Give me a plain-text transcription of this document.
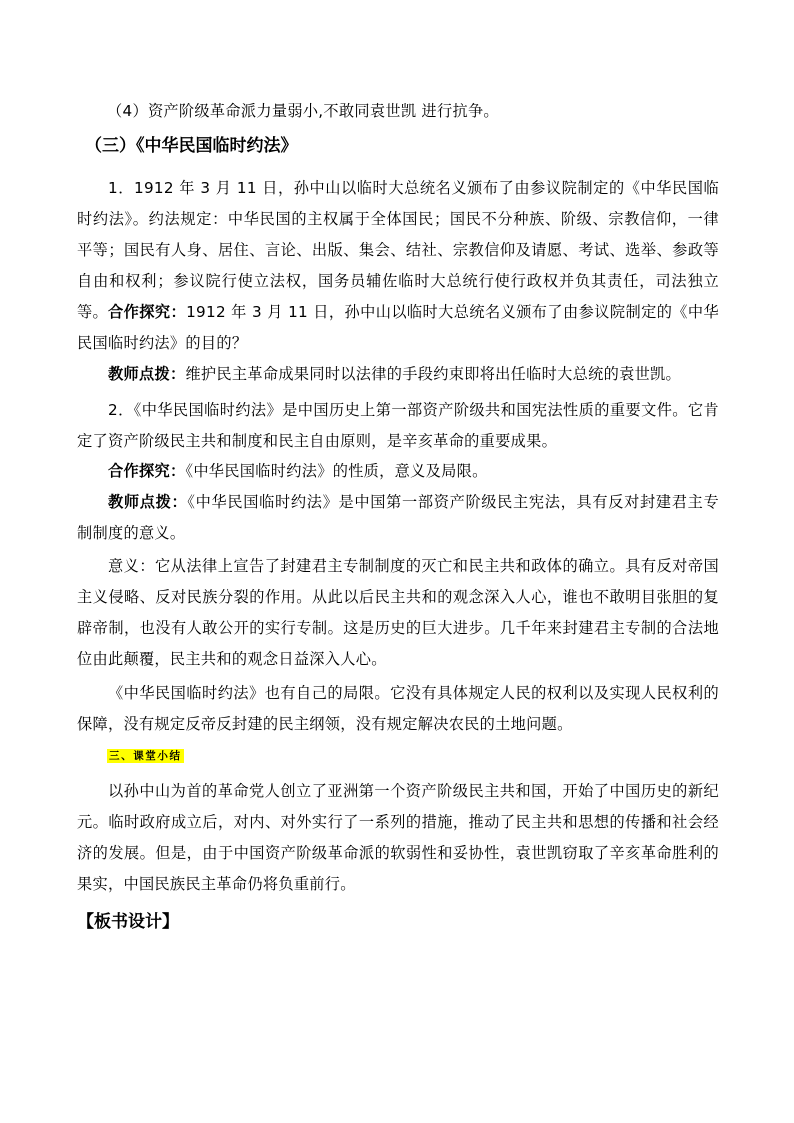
（4）资产阶级革命派力量弱小,不敢同袁世凯 进行抗争。
（三）《中华民国临时约法》
1．1912 年 3 月 11 日，孙中山以临时大总统名义颁布了由参议院制定的《中华民国临时约法》。约法规定：中华民国的主权属于全体国民；国民不分种族、阶级、宗教信仰，一律平等；国民有人身、居住、言论、出版、集会、结社、宗教信仰及请愿、考试、选举、参政等自由和权利；参议院行使立法权，国务员辅佐临时大总统行使行政权并负其责任，司法独立等。 合作探究：1912 年 3 月 11 日，孙中山以临时大总统名义颁布了由参议院制定的《中华民国临时约法》的目的？
教师点拨：维护民主革命成果同时以法律的手段约束即将出任临时大总统的袁世凯。
2．《中华民国临时约法》是中国历史上第一部资产阶级共和国宪法性质的重要文件。它肯定了资产阶级民主共和制度和民主自由原则，是辛亥革命的重要成果。
合作探究：《中华民国临时约法》的性质，意义及局限。
教师点拨：《中华民国临时约法》是中国第一部资产阶级民主宪法，具有反对封建君主专制制度的意义。
意义：它从法律上宣告了封建君主专制制度的灭亡和民主共和政体的确立。具有反对帝国主义侵略、反对民族分裂的作用。从此以后民主共和的观念深入人心，谁也不敢明目张胆的复辟帝制，也没有人敢公开的实行专制。这是历史的巨大进步。几千年来封建君主专制的合法地位由此颠覆，民主共和的观念日益深入人心。
《中华民国临时约法》也有自己的局限。它没有具体规定人民的权利以及实现人民权利的保障，没有规定反帝反封建的民主纲领，没有规定解决农民的土地问题。
三、课堂小结
以孙中山为首的革命党人创立了亚洲第一个资产阶级民主共和国，开始了中国历史的新纪元。临时政府成立后，对内、对外实行了一系列的措施，推动了民主共和思想的传播和社会经济的发展。但是，由于中国资产阶级革命派的软弱性和妥协性，袁世凯窃取了辛亥革命胜利的果实，中国民族民主革命仍将负重前行。
【板书设计】
